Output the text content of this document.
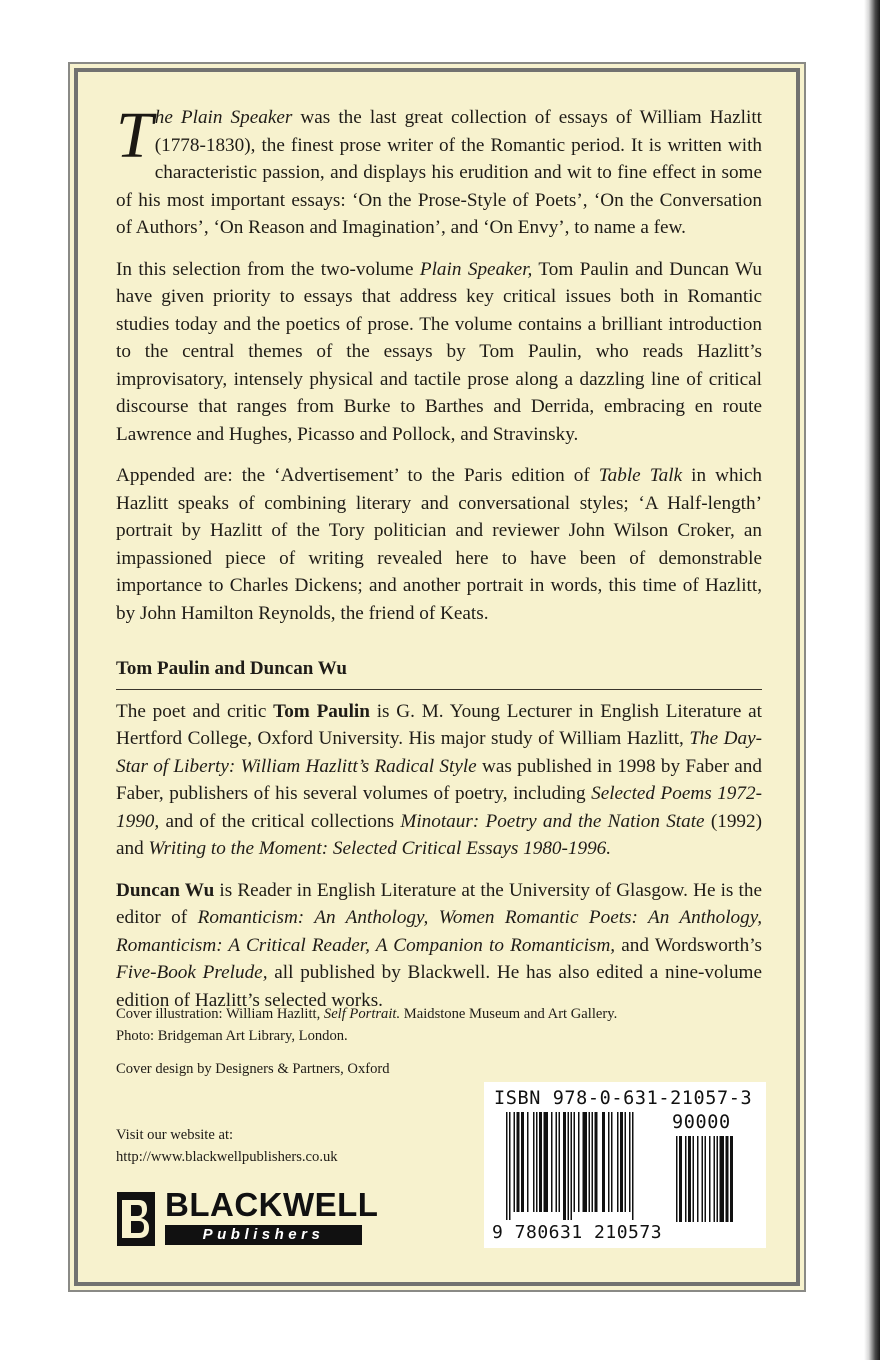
The Plain Speaker was the last great collection of essays of William Hazlitt (1778-1830), the finest prose writer of the Romantic period. It is written with characteristic passion, and displays his erudition and wit to fine effect in some of his most important essays: ‘On the Prose-Style of Poets’, ‘On the Conversation of Authors’, ‘On Reason and Imagination’, and ‘On Envy’, to name a few.

In this selection from the two-volume Plain Speaker, Tom Paulin and Duncan Wu have given priority to essays that address key critical issues both in Romantic studies today and the poetics of prose. The volume contains a brilliant introduction to the central themes of the essays by Tom Paulin, who reads Hazlitt’s improvisatory, intensely physical and tactile prose along a dazzling line of critical discourse that ranges from Burke to Barthes and Derrida, embracing en route Lawrence and Hughes, Picasso and Pollock, and Stravinsky.

Appended are: the ‘Advertisement’ to the Paris edition of Table Talk in which Hazlitt speaks of combining literary and conversational styles; ‘A Half-length’ portrait by Hazlitt of the Tory politician and reviewer John Wilson Croker, an impassioned piece of writing revealed here to have been of demonstrable importance to Charles Dickens; and another portrait in words, this time of Hazlitt, by John Hamilton Reynolds, the friend of Keats.

Tom Paulin and Duncan Wu

The poet and critic Tom Paulin is G. M. Young Lecturer in English Literature at Hertford College, Oxford University. His major study of William Hazlitt, The Day-Star of Liberty: William Hazlitt’s Radical Style was published in 1998 by Faber and Faber, publishers of his several volumes of poetry, including Selected Poems 1972-1990, and of the critical collections Minotaur: Poetry and the Nation State (1992) and Writing to the Moment: Selected Critical Essays 1980-1996.

Duncan Wu is Reader in English Literature at the University of Glasgow. He is the editor of Romanticism: An Anthology, Women Romantic Poets: An Anthology, Romanticism: A Critical Reader, A Companion to Romanticism, and Wordsworth’s Five-Book Prelude, all published by Blackwell. He has also edited a nine-volume edition of Hazlitt’s selected works.

Cover illustration: William Hazlitt, Self Portrait. Maidstone Museum and Art Gallery.
Photo: Bridgeman Art Library, London.

Cover design by Designers & Partners, Oxford

Visit our website at:

http://www.blackwellpublishers.co.uk

BLACKWELL
Publishers
ISBN 978-0-631-21057-3
90000
9 780631 210573
